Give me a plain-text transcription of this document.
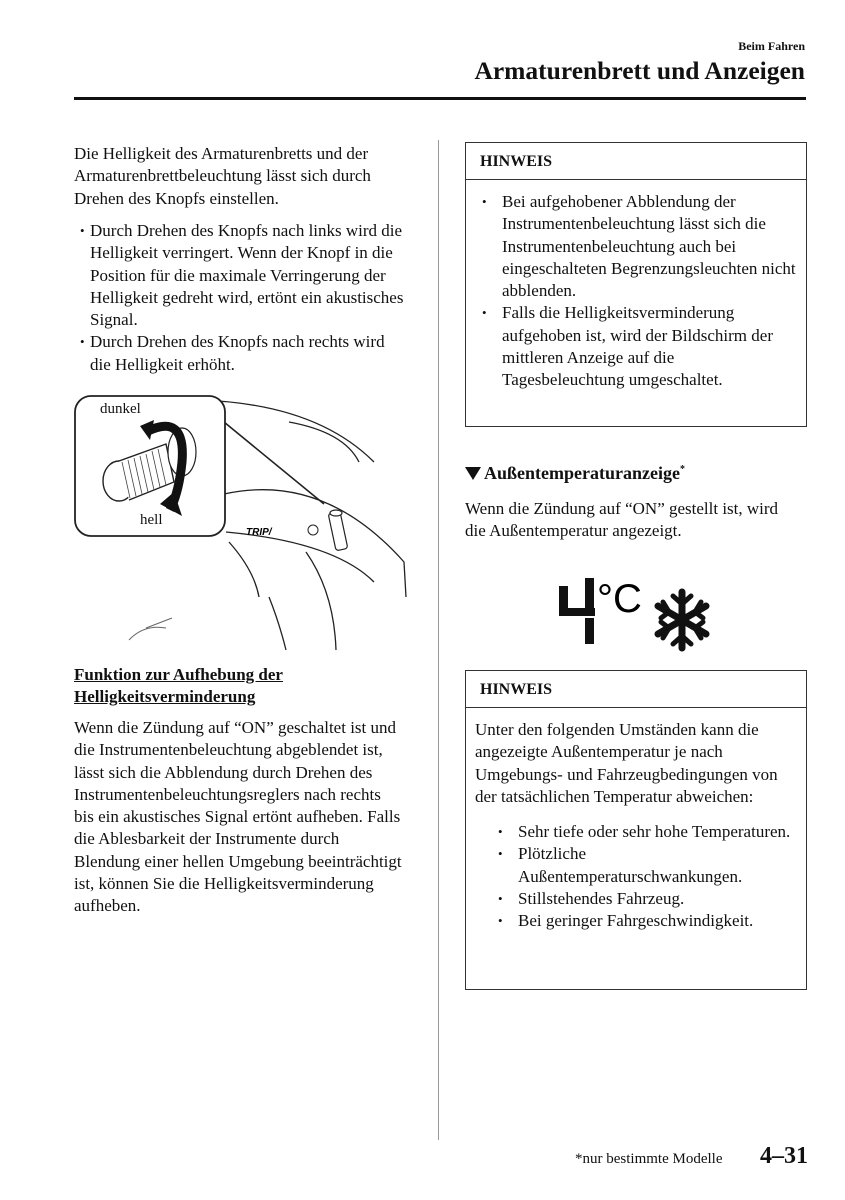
Beim Fahren
Armaturenbrett und Anzeigen
Die Helligkeit des Armaturenbretts und der Armaturenbrettbeleuchtung lässt sich durch Drehen des Knopfs einstellen.
• Durch Drehen des Knopfs nach links wird die Helligkeit verringert. Wenn der Knopf in die Position für die maximale Verringerung der Helligkeit gedreht wird, ertönt ein akustisches Signal.
• Durch Drehen des Knopfs nach rechts wird die Helligkeit erhöht.
TRIP/
dunkel
hell
Funktion zur Aufhebung der
Helligkeitsverminderung
Wenn die Zündung auf “ON” geschaltet ist und die Instrumentenbeleuchtung abgeblendet ist, lässt sich die Abblendung durch Drehen des Instrumentenbeleuchtungsreglers nach rechts bis ein akustisches Signal ertönt aufheben. Falls die Ablesbarkeit der Instrumente durch Blendung einer hellen Umgebung beeinträchtigt ist, können Sie die Helligkeitsverminderung aufheben.
HINWEIS
• Bei aufgehobener Abblendung der Instrumentenbeleuchtung lässt sich die Instrumentenbeleuchtung auch bei eingeschalteten Begrenzungsleuchten nicht abblenden.
• Falls die Helligkeitsverminderung aufgehoben ist, wird der Bildschirm der mittleren Anzeige auf die Tagesbeleuchtung umgeschaltet.
Außentemperaturanzeige*
Wenn die Zündung auf “ON” gestellt ist, wird die Außentemperatur angezeigt.
°C
HINWEIS
Unter den folgenden Umständen kann die angezeigte Außentemperatur je nach Umgebungs- und Fahrzeugbedingungen von der tatsächlichen Temperatur abweichen:
• Sehr tiefe oder sehr hohe Temperaturen.
• Plötzliche Außentemperaturschwankungen.
• Stillstehendes Fahrzeug.
• Bei geringer Fahrgeschwindigkeit.
*nur bestimmte Modelle 4–31
